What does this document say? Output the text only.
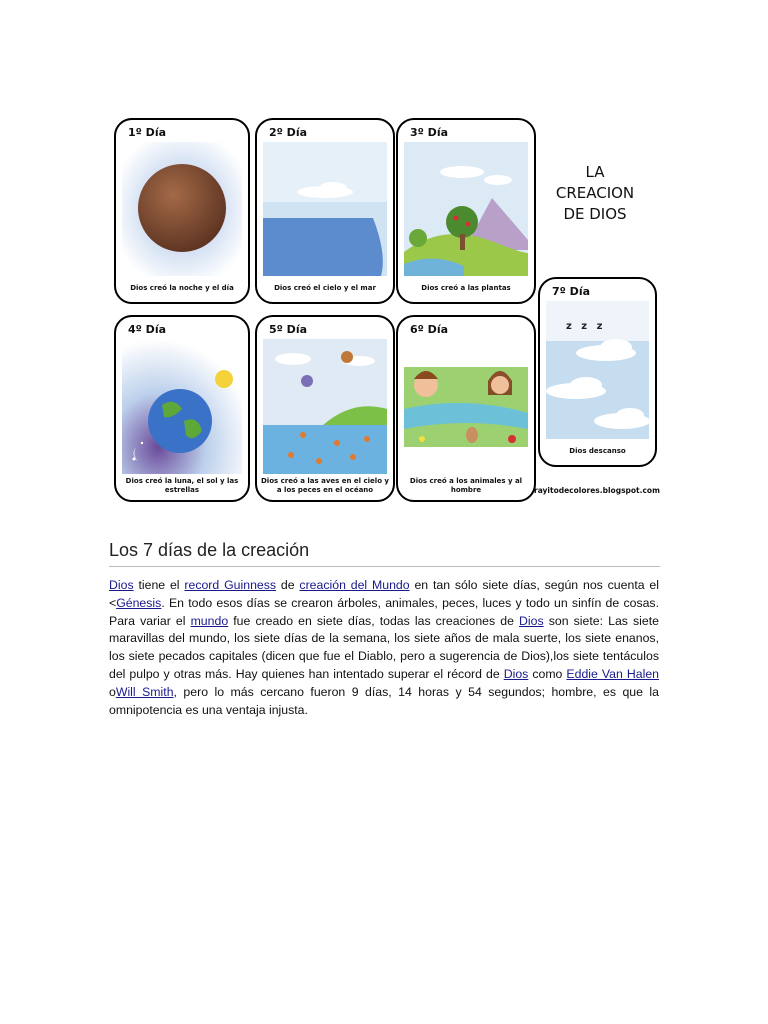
1º Día
Dios creó la noche y el día
2º Día
Dios creó el cielo y el mar
3º Día
Dios creó a las plantas
LA
CREACION
DE DIOS
7º Día
z z z
Dios descanso
4º Día
Dios creó la luna, el sol y las estrellas
5º Día
Dios creó a las aves en el cielo y a los peces en el océano
6º Día
Dios creó a los animales y al hombre	rayitodecolores.blogspot.com
Los 7 días de la creación
Dios tiene el record Guinness de creación del Mundo en tan sólo siete días, según nos cuenta el <Génesis. En todo esos días se crearon árboles, animales, peces, luces y todo un sinfín de cosas. Para variar el mundo fue creado en siete días, todas las creaciones de Dios son siete: Las siete maravillas del mundo, los siete días de la semana, los siete años de mala suerte, los siete enanos, los siete pecados capitales (dicen que fue el Diablo, pero a sugerencia de Dios),los siete tentáculos del pulpo y otras más. Hay quienes han intentado superar el récord de Dios como Eddie Van Halen oWill Smith, pero lo más cercano fueron 9 días, 14 horas y 54 segundos; hombre, es que la omnipotencia es una ventaja injusta.
